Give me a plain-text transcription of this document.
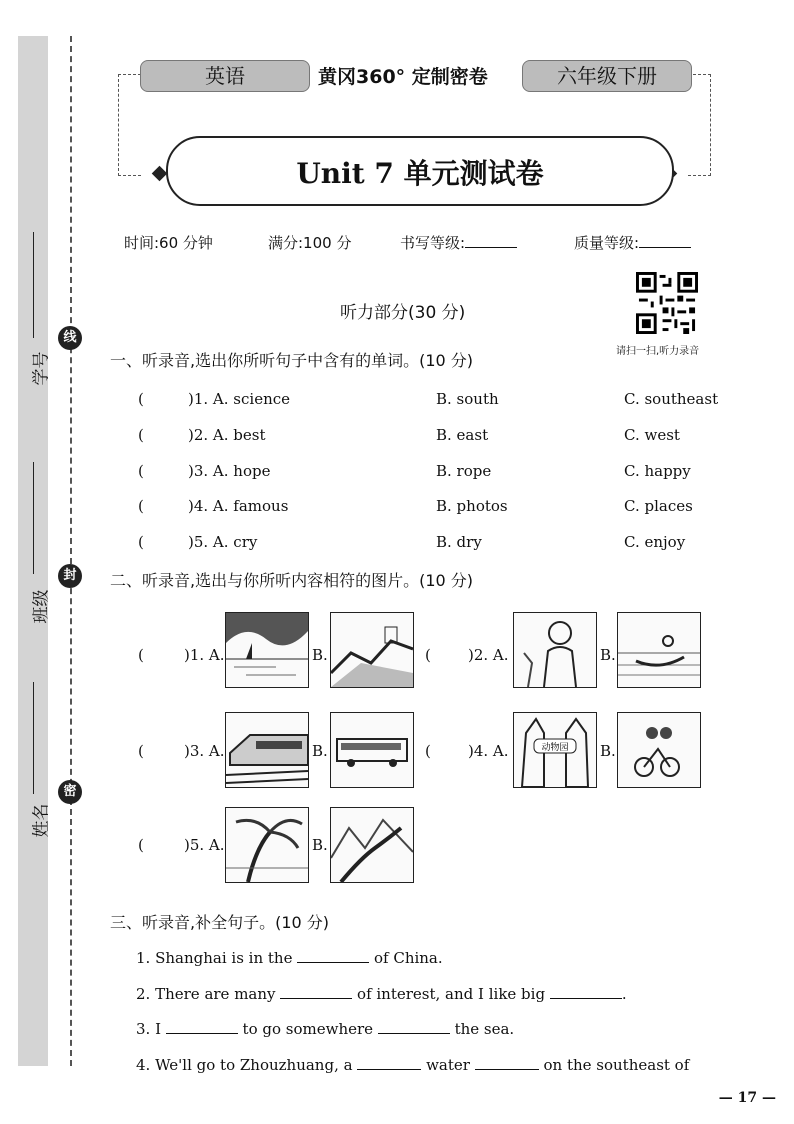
学号
班级
姓名
线
封
密
英语	黄冈360° 定制密卷	六年级下册
Unit 7 单元测试卷
时间:60 分钟	满分:100 分	书写等级:	质量等级:
请扫一扫,听力录音
听力部分(30 分)
一、听录音,选出你所听句子中含有的单词。(10 分)
(	)1. A. science	B. south	C. southeast
(	)2. A. best	B. east	C. west
(	)3. A. hope	B. rope	C. happy
(	)4. A. famous	B. photos	C. places
(	)5. A. cry	B. dry	C. enjoy
二、听录音,选出与你所听内容相符的图片。(10 分)
(	)1. A.	B.	( )2. A.	B.
(	)3. A.	B.	( )4. A.	动物园 B.
(	)5. A.	B.
三、听录音,补全句子。(10 分)
1. Shanghai is in the	of China.
2. There are many	of interest, and I like big	.
3. I	to go somewhere	the sea.
4. We'll go to Zhouzhuang, a	water	on the southeast of
— 17 —
